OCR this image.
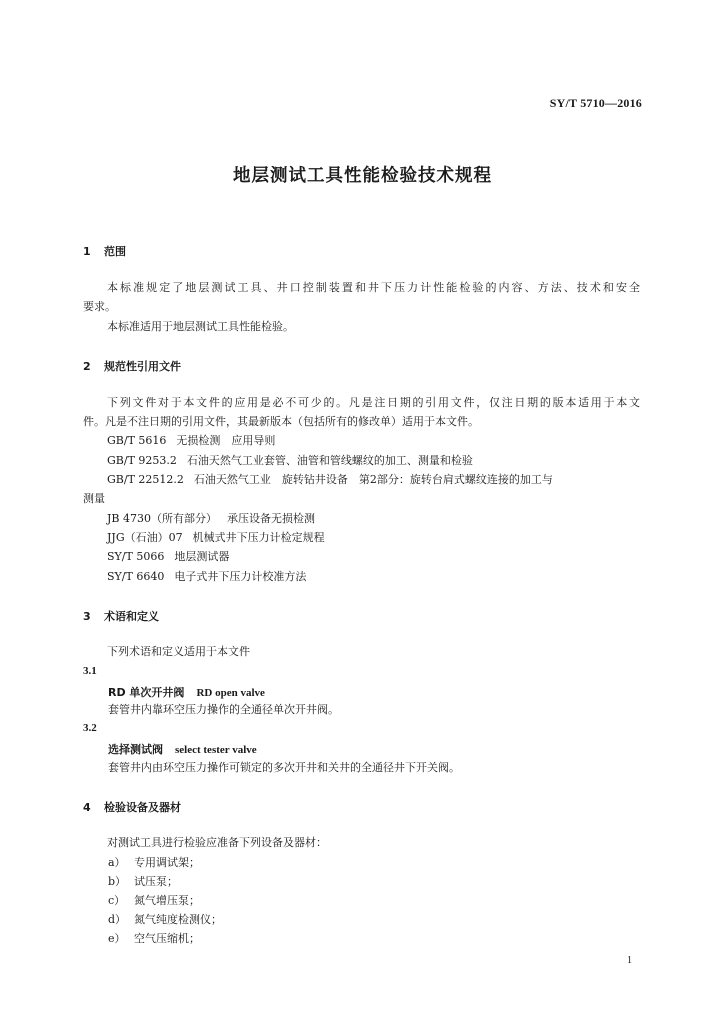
SY/T 5710—2016
地层测试工具性能检验技术规程
1 范围
本标准规定了地层测试工具、井口控制装置和井下压力计性能检验的内容、方法、技术和安全
要求。
本标准适用于地层测试工具性能检验。
2 规范性引用文件
下列文件对于本文件的应用是必不可少的。凡是注日期的引用文件，仅注日期的版本适用于本文
件。凡是不注日期的引用文件，其最新版本（包括所有的修改单）适用于本文件。
GB/T 5616 无损检测　应用导则
GB/T 9253.2 石油天然气工业套管、油管和管线螺纹的加工、测量和检验
GB/T 22512.2 石油天然气工业　旋转钻井设备　第2部分：旋转台肩式螺纹连接的加工与
测量
JB 4730（所有部分） 承压设备无损检测
JJG（石油）07 机械式井下压力计检定规程
SY/T 5066 地层测试器
SY/T 6640 电子式井下压力计校准方法
3 术语和定义
下列术语和定义适用于本文件
3.1
RD 单次开井阀 RD open valve
套管井内靠环空压力操作的全通径单次开井阀。
3.2
选择测试阀 select tester valve
套管井内由环空压力操作可锁定的多次开井和关井的全通径井下开关阀。
4 检验设备及器材
对测试工具进行检验应准备下列设备及器材：
a） 专用调试架；
b） 试压泵；
c） 氮气增压泵；
d） 氮气纯度检测仪；
e） 空气压缩机；
1
